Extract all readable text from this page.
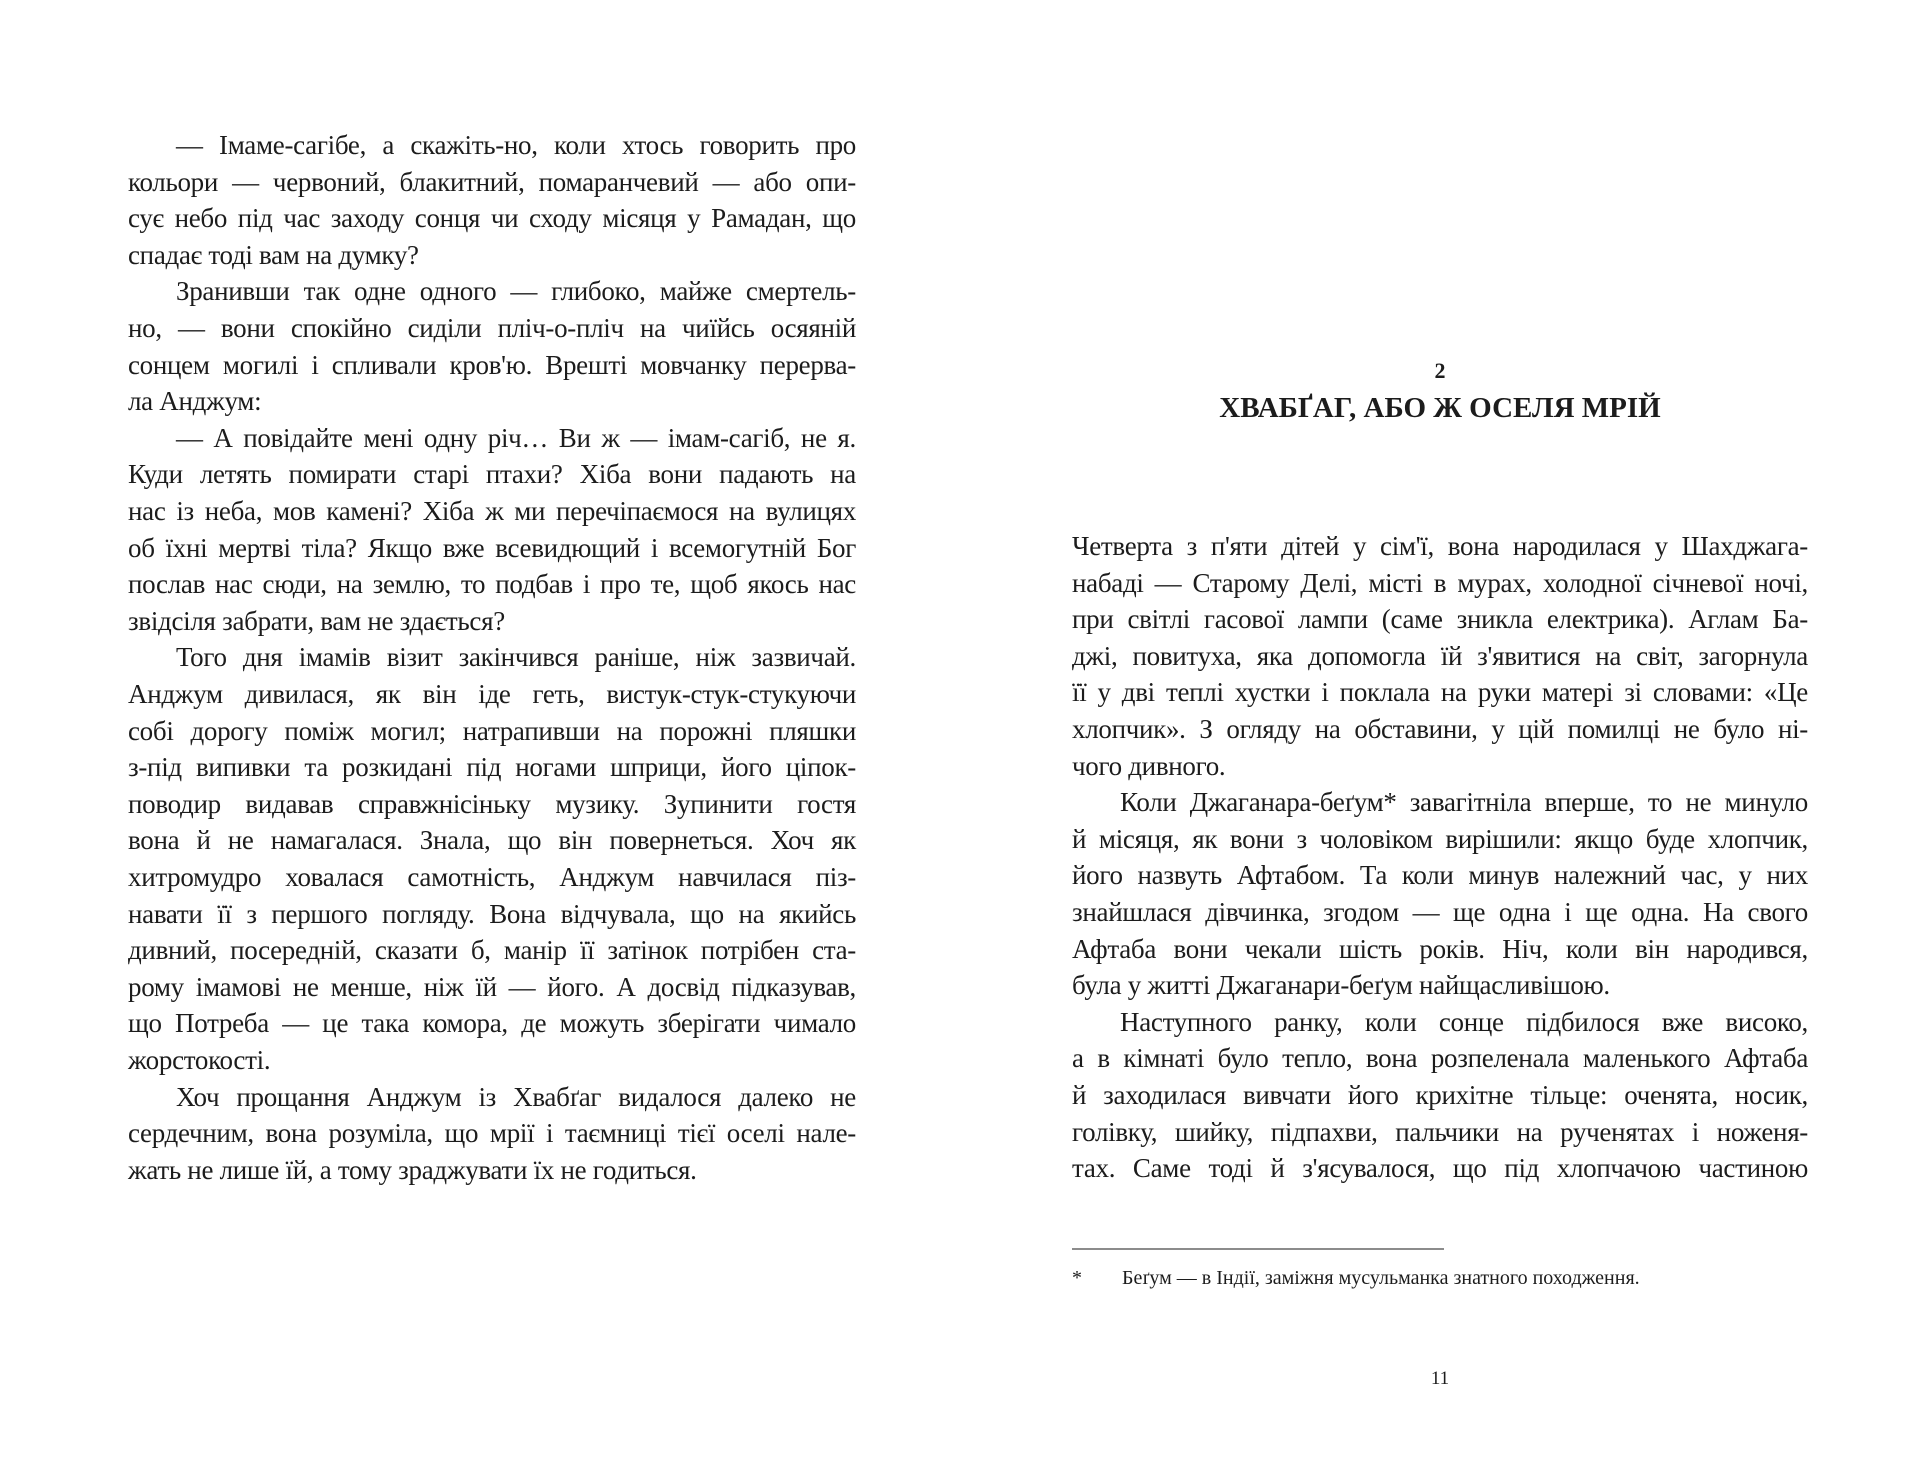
— Імаме-сагібе, а скажіть-но, коли хтось говорить про
кольори — червоний, блакитний, помаранчевий — або опи-
сує небо під час заходу сонця чи сходу місяця у Рамадан, що
спадає тоді вам на думку?
Зранивши так одне одного — глибоко, майже смертель-
но, — вони спокійно сиділи пліч-о-пліч на чиїйсь осяяній
сонцем могилі і спливали кров'ю. Врешті мовчанку перерва-
ла Анджум:
— А повідайте мені одну річ… Ви ж — імам-сагіб, не я.
Куди летять помирати старі птахи? Хіба вони падають на
нас із неба, мов камені? Хіба ж ми перечіпаємося на вулицях
об їхні мертві тіла? Якщо вже всевидющий і всемогутній Бог
послав нас сюди, на землю, то подбав і про те, щоб якось нас
звідсіля забрати, вам не здається?
Того дня імамів візит закінчився раніше, ніж зазвичай.
Анджум дивилася, як він іде геть, вистук-стук-стукуючи
собі дорогу поміж могил; натрапивши на порожні пляшки
з-під випивки та розкидані під ногами шприци, його ціпок-
поводир видавав справжнісіньку музику. Зупинити гостя
вона й не намагалася. Знала, що він повернеться. Хоч як
хитромудро ховалася самотність, Анджум навчилася піз-
навати її з першого погляду. Вона відчувала, що на якийсь
дивний, посередній, сказати б, манір її затінок потрібен ста-
рому імамові не менше, ніж їй — його. А досвід підказував,
що Потреба — це така комора, де можуть зберігати чимало
жорстокості.
Хоч прощання Анджум із Хвабґаг видалося далеко не
сердечним, вона розуміла, що мрії і таємниці тієї оселі нале-
жать не лише їй, а тому зраджувати їх не годиться.
2
ХВАБҐАГ, АБО Ж ОСЕЛЯ МРІЙ
* Беґум — в Індії, заміжня мусульманка знатного походження.
11
Четверта з п'яти дітей у сім'ї, вона народилася у Шахджага-
набаді — Старому Делі, місті в мурах, холодної січневої ночі,
при світлі гасової лампи (саме зникла електрика). Аглам Ба-
джі, повитуха, яка допомогла їй з'явитися на світ, загорнула
її у дві теплі хустки і поклала на руки матері зі словами: «Це
хлопчик». З огляду на обставини, у цій помилці не було ні-
чого дивного.
Коли Джаганара-беґум* завагітніла вперше, то не минуло
й місяця, як вони з чоловіком вирішили: якщо буде хлопчик,
його назвуть Афтабом. Та коли минув належний час, у них
знайшлася дівчинка, згодом — ще одна і ще одна. На свого
Афтаба вони чекали шість років. Ніч, коли він народився,
була у житті Джаганари-беґум найщасливішою.
Наступного ранку, коли сонце підбилося вже високо,
а в кімнаті було тепло, вона розпеленала маленького Афтаба
й заходилася вивчати його крихітне тільце: оченята, носик,
голівку, шийку, підпахви, пальчики на рученятах і ноженя-
тах. Саме тоді й з'ясувалося, що під хлопчачою частиною
